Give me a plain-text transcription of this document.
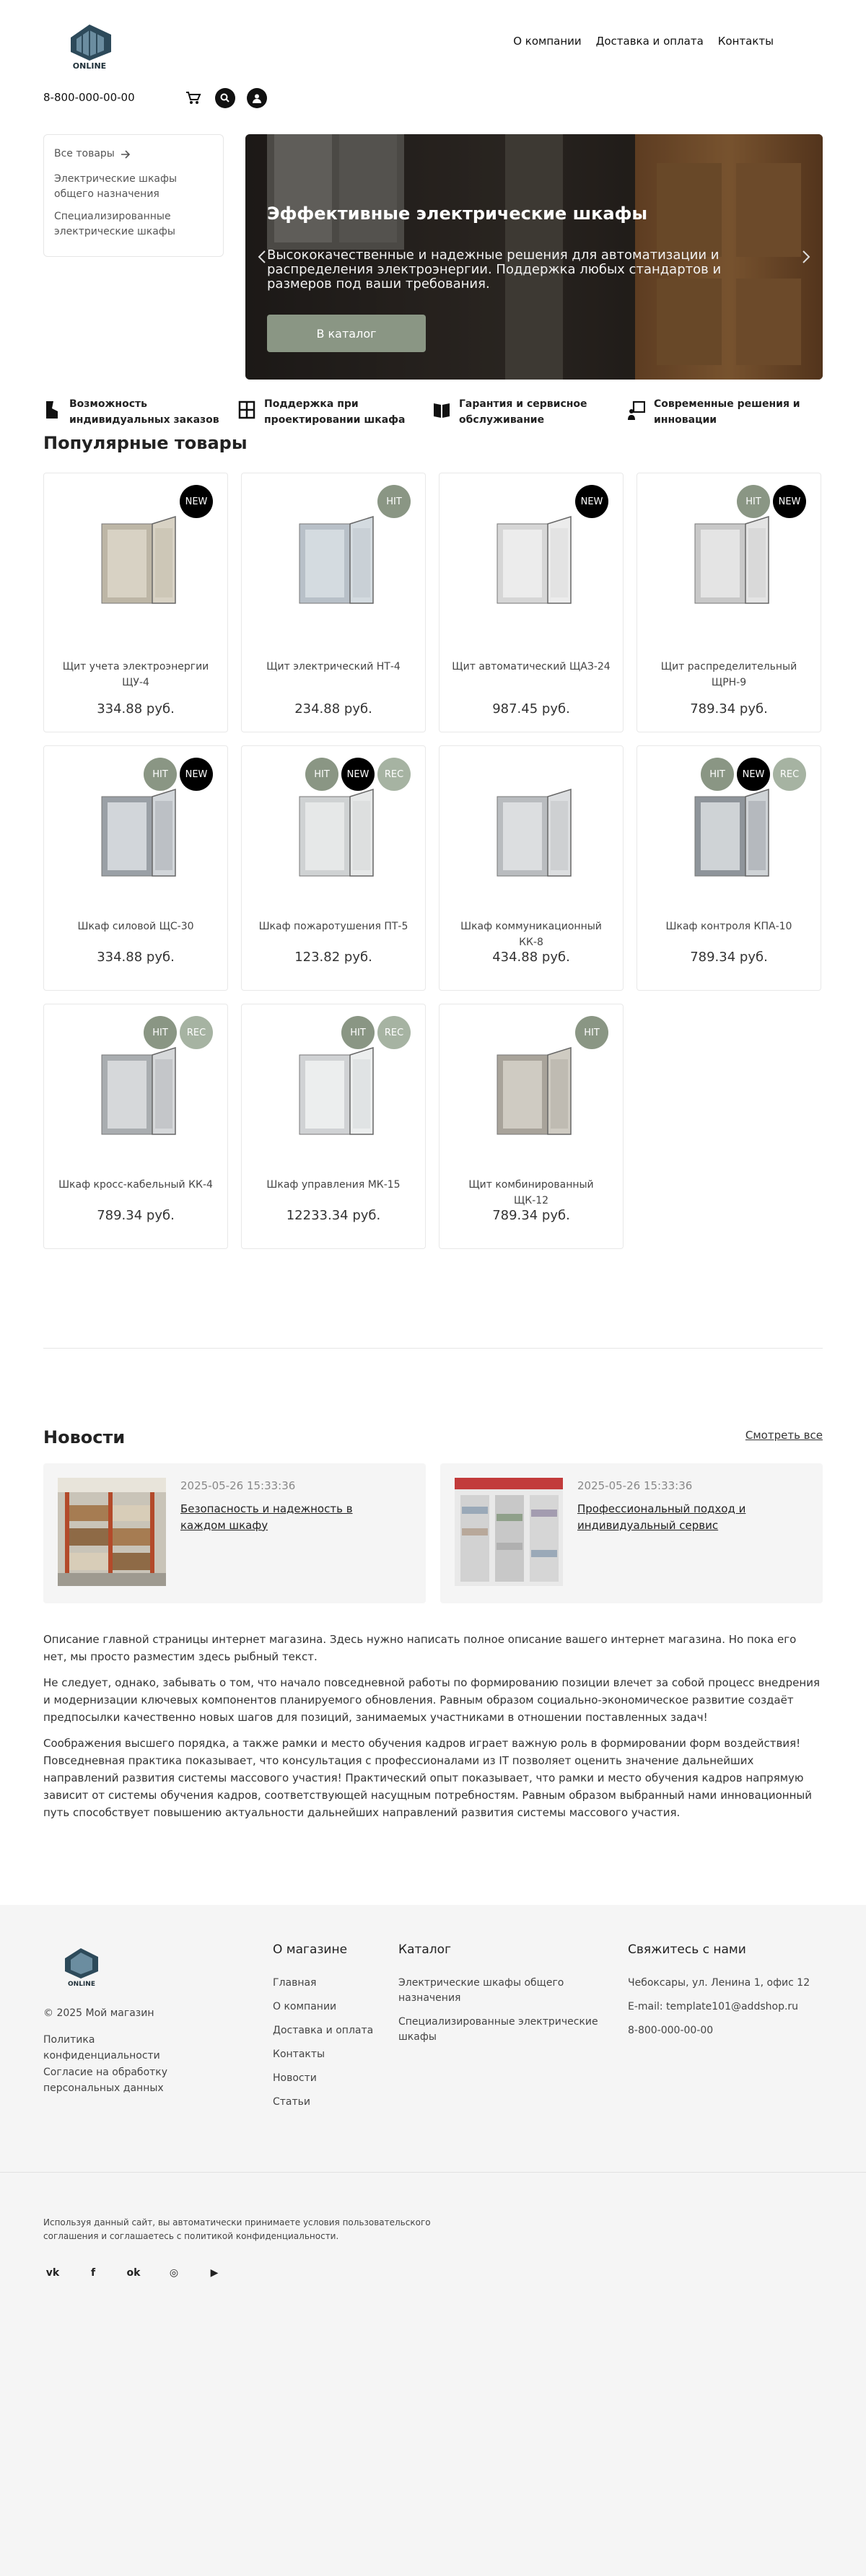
ONLINE
О компании Доставка и оплата Контакты
8-800-000-00-00
Все товары
Электрические шкафы общего назначения
Специализированные электрические шкафы
Эффективные электрические шкафы
Высококачественные и надежные решения для автоматизации и распределения электроэнергии. Поддержка любых стандартов и размеров под ваши требования.
В каталог
Возможность индивидуальных заказов
Поддержка при проектировании шкафа
Гарантия и сервисное обслуживание
Современные решения и инновации
Популярные товары
NEW
Щит учета электроэнергии ЩУ-4
334.88 руб.
HIT
Щит электрический НТ-4
234.88 руб.
NEW
Щит автоматический ЩАЗ-24
987.45 руб.
HIT	NEW
Щит распределительный ЩРН-9
789.34 руб.
HIT	NEW
Шкаф силовой ЩС-30
334.88 руб.
HIT	NEW	REC
Шкаф пожаротушения ПТ-5
123.82 руб.
Шкаф коммуникационный КК-8
434.88 руб.
HIT	NEW	REC
Шкаф контроля КПА-10
789.34 руб.
HIT	REC
Шкаф кросс-кабельный КК-4
789.34 руб.
HIT	REC
Шкаф управления МК-15
12233.34 руб.
HIT
Щит комбинированный ЩК-12
789.34 руб.
Новости	Смотреть все
2025-05-26 15:33:36
Безопасность и надежность в каждом шкафу
2025-05-26 15:33:36
Профессиональный подход и индивидуальный сервис

Описание главной страницы интернет магазина. Здесь нужно написать полное описание вашего интернет магазина. Но пока его нет, мы просто разместим здесь рыбный текст.

Не следует, однако, забывать о том, что начало повседневной работы по формированию позиции влечет за собой процесс внедрения и модернизации ключевых компонентов планируемого обновления. Равным образом социально-экономическое развитие создаёт предпосылки качественно новых шагов для позиций, занимаемых участниками в отношении поставленных задач!

Соображения высшего порядка, а также рамки и место обучения кадров играет важную роль в формировании форм воздействия! Повседневная практика показывает, что консультация с профессионалами из IT позволяет оценить значение дальнейших направлений развития системы массового участия! Практический опыт показывает, что рамки и место обучения кадров напрямую зависит от системы обучения кадров, соответствующей насущным потребностям. Равным образом выбранный нами инновационный путь способствует повышению актуальности дальнейших направлений развития системы массового участия.

ONLINE
© 2025 Мой магазин
Политика конфиденциальности
Согласие на обработку персональных данных
О магазине
Главная
О компании
Доставка и оплата
Контакты
Новости
Статьи
Каталог
Электрические шкафы общего назначения
Специализированные электрические шкафы
Свяжитесь с нами
Чебоксары, ул. Ленина 1, офис 12
E-mail: template101@addshop.ru
8-800-000-00-00
Используя данный сайт, вы автоматически принимаете условия пользовательского соглашения и соглашаетесь с политикой конфиденциальности.
vk	f	ok	◎	▶
